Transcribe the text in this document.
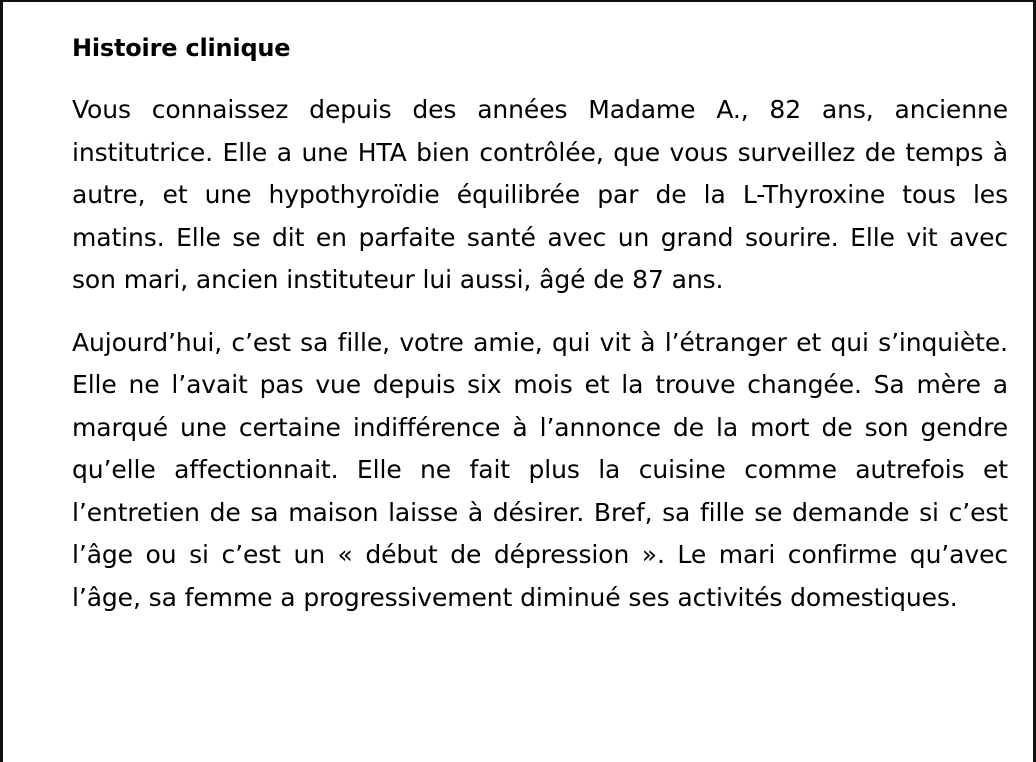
Histoire clinique

Vous connaissez depuis des années Madame A., 82 ans, ancienne institutrice. Elle a une HTA bien contrôlée, que vous surveillez de temps à autre, et une hypothyroïdie équilibrée par de la L-Thyroxine tous les matins. Elle se dit en parfaite santé avec un grand sourire. Elle vit avec son mari, ancien instituteur lui aussi, âgé de 87 ans.

Aujourd’hui, c’est sa fille, votre amie, qui vit à l’étranger et qui s’inquiète. Elle ne l’avait pas vue depuis six mois et la trouve changée. Sa mère a marqué une certaine indifférence à l’annonce de la mort de son gendre qu’elle affectionnait. Elle ne fait plus la cuisine comme autrefois et l’entretien de sa maison laisse à désirer. Bref, sa fille se demande si c’est l’âge ou si c’est un « début de dépression ». Le mari confirme qu’avec l’âge, sa femme a progressivement diminué ses activités domestiques.
